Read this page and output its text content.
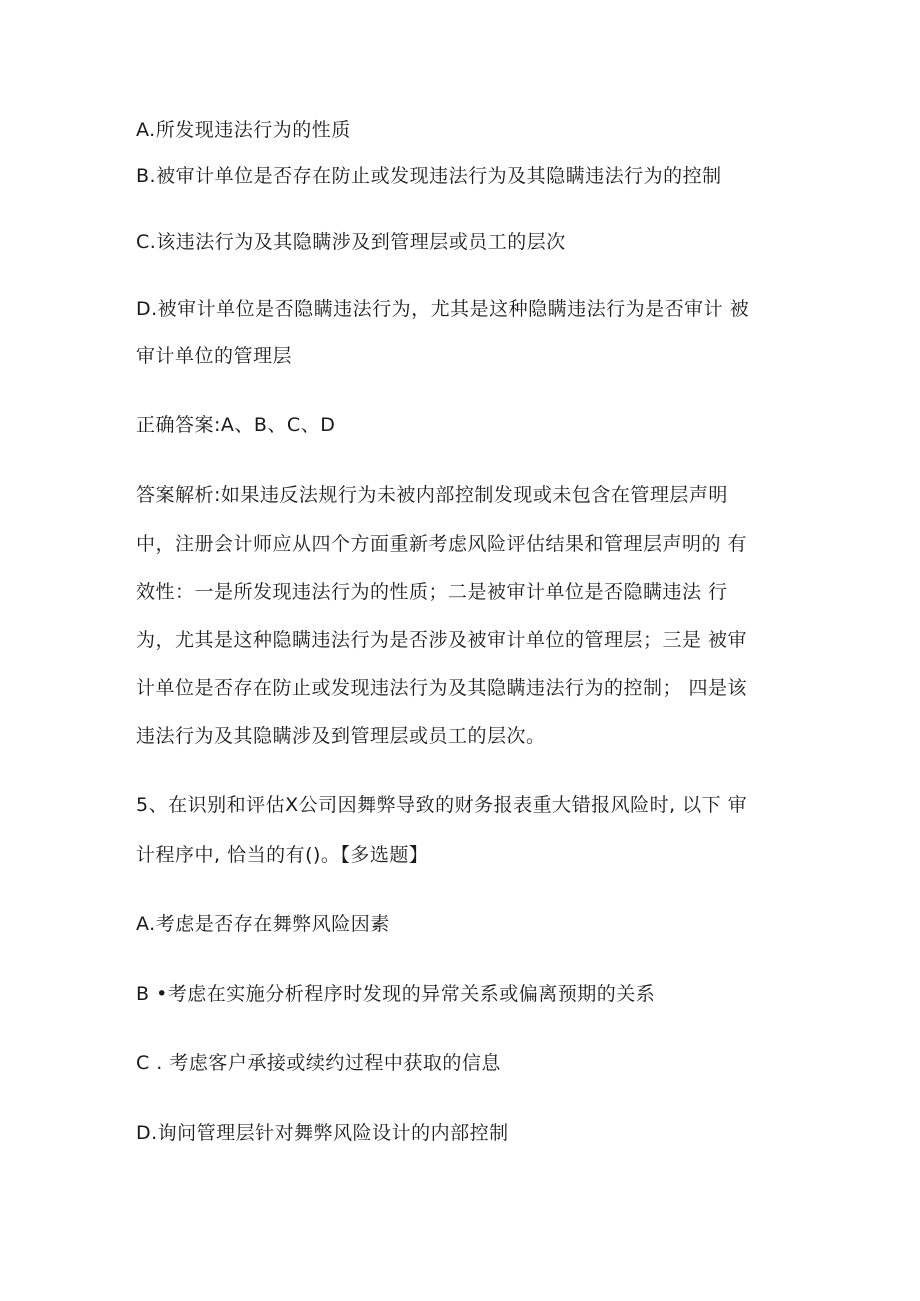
A.所发现违法行为的性质
B.被审计单位是否存在防止或发现违法行为及其隐瞒违法行为的控制
C.该违法行为及其隐瞒涉及到管理层或员工的层次
D.被审计单位是否隐瞒违法行为，尤其是这种隐瞒违法行为是否审计 被
审计单位的管理层
正确答案:A、B、C、D
答案解析:如果违反法规行为未被内部控制发现或未包含在管理层声明
中，注册会计师应从四个方面重新考虑风险评估结果和管理层声明的 有
效性：一是所发现违法行为的性质；二是被审计单位是否隐瞒违法 行
为，尤其是这种隐瞒违法行为是否涉及被审计单位的管理层；三是 被审
计单位是否存在防止或发现违法行为及其隐瞒违法行为的控制； 四是该
违法行为及其隐瞒涉及到管理层或员工的层次。
5、在识别和评估X公司因舞弊导致的财务报表重大错报风险时, 以下 审
计程序中, 恰当的有()。【多选题】
A.考虑是否存在舞弊风险因素
B •考虑在实施分析程序时发现的异常关系或偏离预期的关系
C . 考虑客户承接或续约过程中获取的信息
D.询问管理层针对舞弊风险设计的内部控制
